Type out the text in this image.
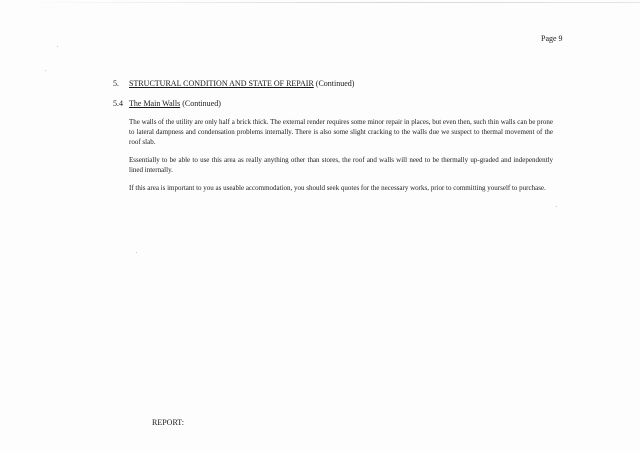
Page 9
5. STRUCTURAL CONDITION AND STATE OF REPAIR (Continued)
5.4 The Main Walls (Continued)

The walls of the utility are only half a brick thick. The external render requires some minor repair in places, but even then, such thin walls can be prone to lateral dampness and condensation problems internally. There is also some slight cracking to the walls due we suspect to thermal movement of the roof slab.

Essentially to be able to use this area as really anything other than stores, the roof and walls will need to be thermally up-graded and independently lined internally.

If this area is important to you as useable accommodation, you should seek quotes for the necessary works, prior to committing yourself to purchase.

REPORT:
